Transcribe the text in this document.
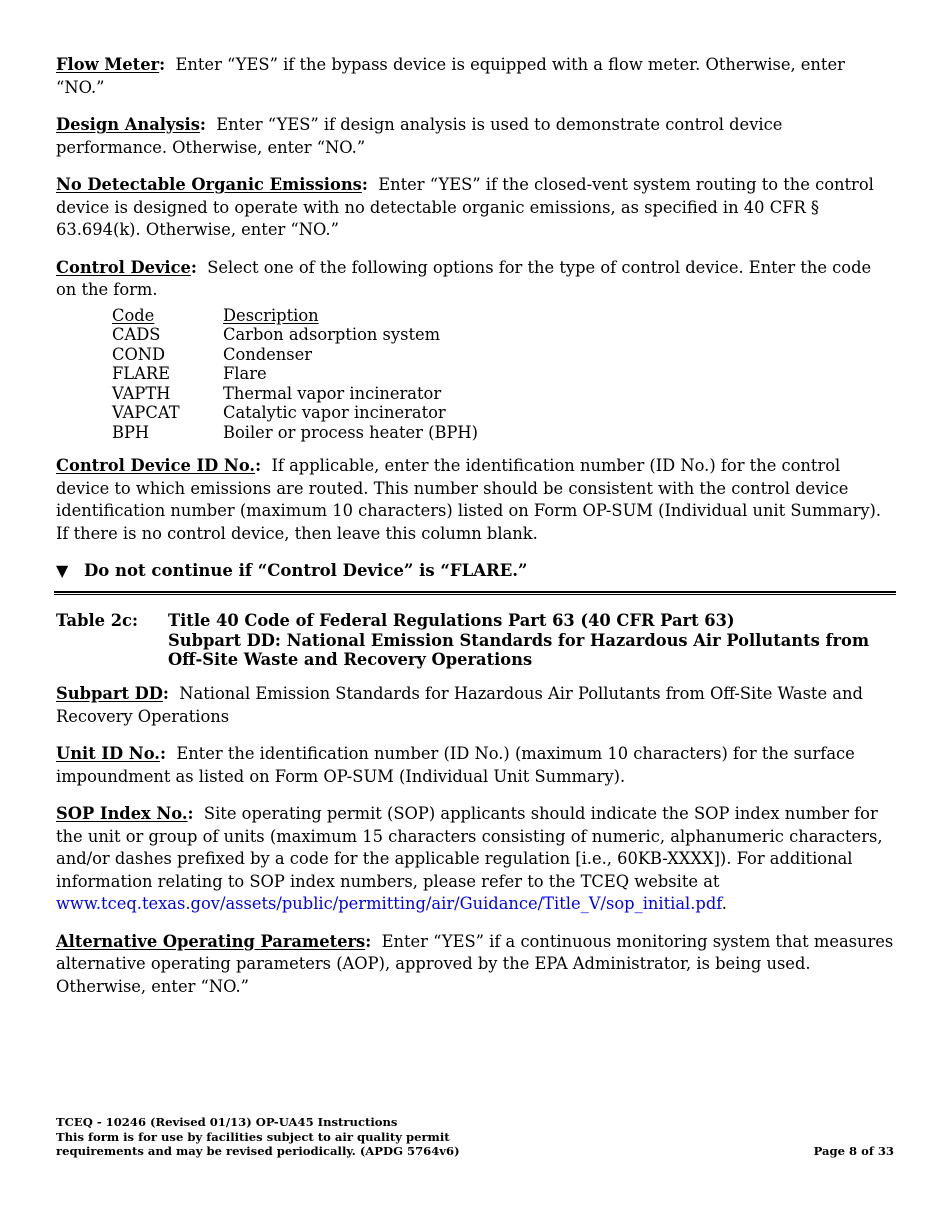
Flow Meter: Enter “YES” if the bypass device is equipped with a flow meter. Otherwise, enter “NO.”

Design Analysis: Enter “YES” if design analysis is used to demonstrate control device performance. Otherwise, enter “NO.”

No Detectable Organic Emissions: Enter “YES” if the closed-vent system routing to the control device is designed to operate with no detectable organic emissions, as specified in 40 CFR § 63.694(k). Otherwise, enter “NO.”

Control Device: Select one of the following options for the type of control device. Enter the code on the form.

Code	Description
CADS	Carbon adsorption system
COND	Condenser
FLARE	Flare
VAPTH	Thermal vapor incinerator
VAPCAT	Catalytic vapor incinerator
BPH	Boiler or process heater (BPH)

Control Device ID No.: If applicable, enter the identification number (ID No.) for the control device to which emissions are routed. This number should be consistent with the control device identification number (maximum 10 characters) listed on Form OP-SUM (Individual unit Summary). If there is no control device, then leave this column blank.

▼ Do not continue if “Control Device” is “FLARE.”

Table 2c: Title 40 Code of Federal Regulations Part 63 (40 CFR Part 63)
Subpart DD: National Emission Standards for Hazardous Air Pollutants from
Off-Site Waste and Recovery Operations

Subpart DD: National Emission Standards for Hazardous Air Pollutants from Off-Site Waste and Recovery Operations

Unit ID No.: Enter the identification number (ID No.) (maximum 10 characters) for the surface impoundment as listed on Form OP-SUM (Individual Unit Summary).

SOP Index No.: Site operating permit (SOP) applicants should indicate the SOP index number for the unit or group of units (maximum 15 characters consisting of numeric, alphanumeric characters, and/or dashes prefixed by a code for the applicable regulation [i.e., 60KB-XXXX]). For additional information relating to SOP index numbers, please refer to the TCEQ website at
www.tceq.texas.gov/assets/public/permitting/air/Guidance/Title_V/sop_initial.pdf.

Alternative Operating Parameters: Enter “YES” if a continuous monitoring system that measures alternative operating parameters (AOP), approved by the EPA Administrator, is being used. Otherwise, enter “NO.”

TCEQ - 10246 (Revised 01/13) OP-UA45 Instructions
This form is for use by facilities subject to air quality permit
requirements and may be revised periodically. (APDG 5764v6)	Page 8 of 33
